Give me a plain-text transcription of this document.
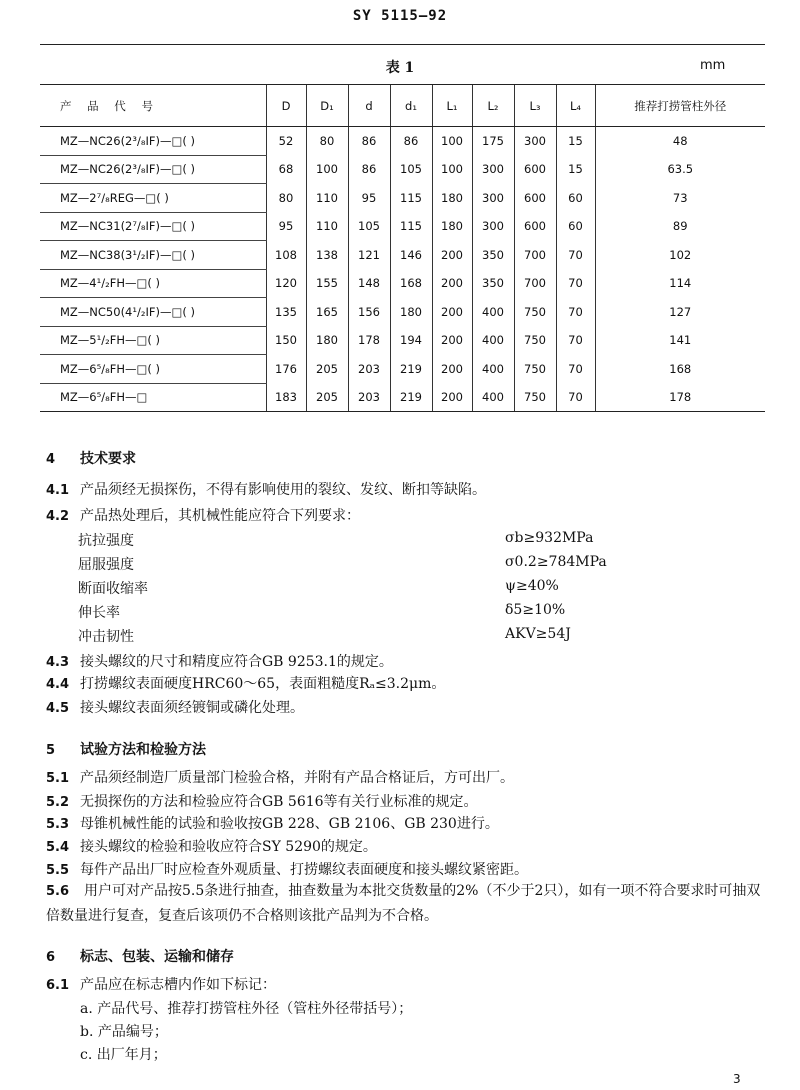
SY 5115—92
表 1	mm
产 品 代 号	D	D₁	d	d₁	L₁	L₂	L₃	L₄	推荐打捞管柱外径
MZ—NC26(2³/₈IF)—□( )	52	80	86	86	100	175	300	15	48
MZ—NC26(2³/₈IF)—□( )	68	100	86	105	100	300	600	15	63.5
MZ—2⁷/₈REG—□( )	80	110	95	115	180	300	600	60	73
MZ—NC31(2⁷/₈IF)—□( )	95	110	105	115	180	300	600	60	89
MZ—NC38(3¹/₂IF)—□( )	108	138	121	146	200	350	700	70	102
MZ—4¹/₂FH—□( )	120	155	148	168	200	350	700	70	114
MZ—NC50(4¹/₂IF)—□( )	135	165	156	180	200	400	750	70	127
MZ—5¹/₂FH—□( )	150	180	178	194	200	400	750	70	141
MZ—6⁵/₈FH—□( )	176	205	203	219	200	400	750	70	168
MZ—6⁵/₈FH—□	183	205	203	219	200	400	750	70	178
4 技术要求
4.1 产品须经无损探伤，不得有影响使用的裂纹、发纹、断扣等缺陷。
4.2 产品热处理后，其机械性能应符合下列要求：
抗拉强度	σb≥932MPa
屈服强度	σ0.2≥784MPa
断面收缩率	ψ≥40%
伸长率	δ5≥10%
冲击韧性	AKV≥54J
4.3 接头螺纹的尺寸和精度应符合GB 9253.1的规定。
4.4 打捞螺纹表面硬度HRC60～65，表面粗糙度Rₐ≤3.2μm。
4.5 接头螺纹表面须经镀铜或磷化处理。
5 试验方法和检验方法
5.1 产品须经制造厂质量部门检验合格，并附有产品合格证后，方可出厂。
5.2 无损探伤的方法和检验应符合GB 5616等有关行业标准的规定。
5.3 母锥机械性能的试验和验收按GB 228、GB 2106、GB 230进行。
5.4 接头螺纹的检验和验收应符合SY 5290的规定。
5.5 每件产品出厂时应检查外观质量、打捞螺纹表面硬度和接头螺纹紧密距。
5.6 用户可对产品按5.5条进行抽查，抽查数量为本批交货数量的2%（不少于2只），如有一项不符合要求时可抽双倍数量进行复查，复查后该项仍不合格则该批产品判为不合格。
6 标志、包装、运输和储存
6.1 产品应在标志槽内作如下标记：
a. 产品代号、推荐打捞管柱外径（管柱外径带括号）；
b. 产品编号；
c. 出厂年月；
3
